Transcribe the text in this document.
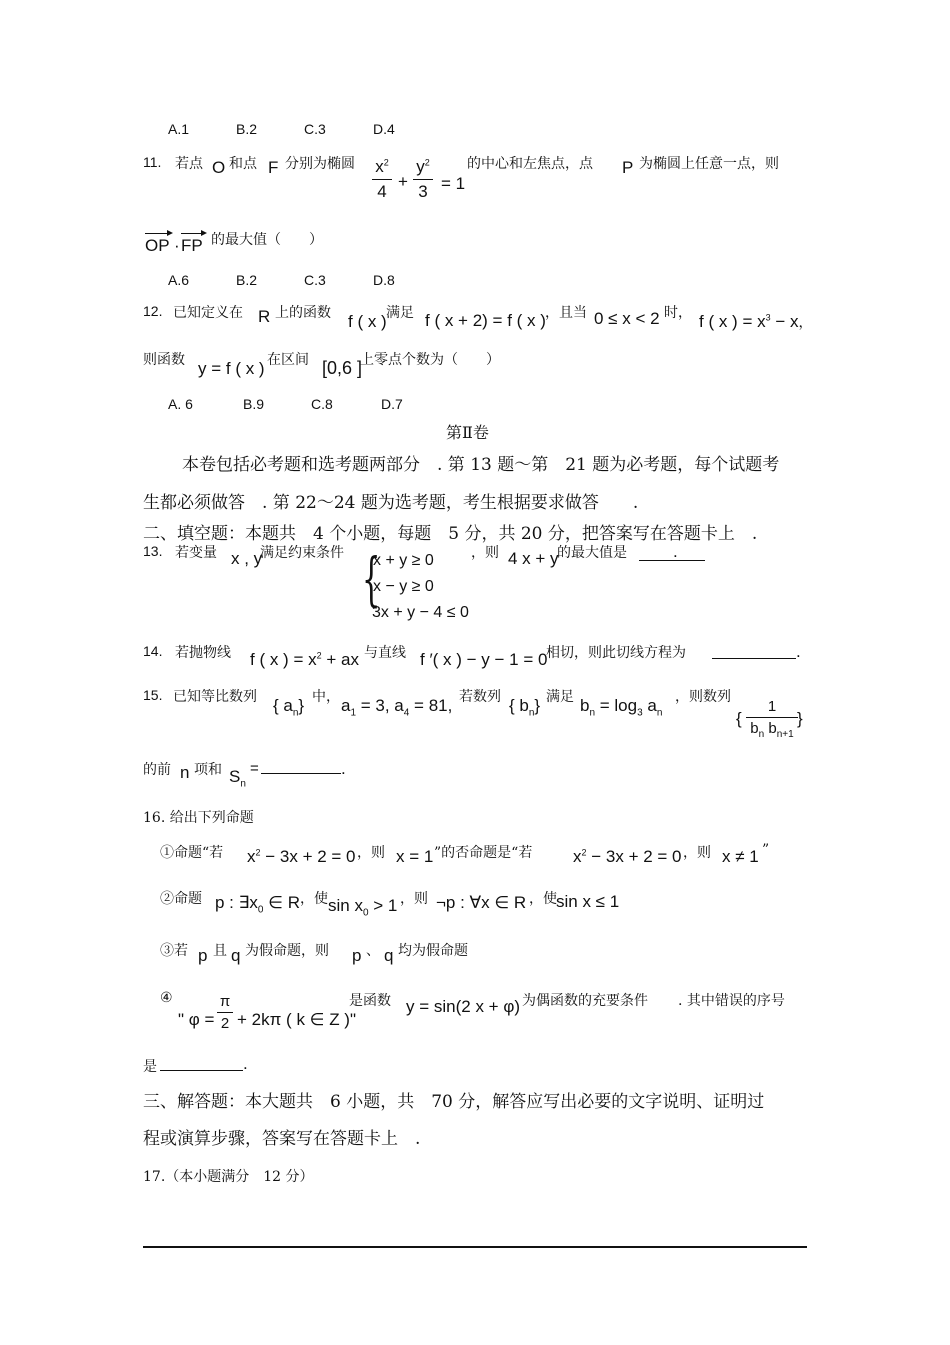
A.1	B.2	C.3	D.4
11. 若点 O 和点 F 分别为椭圆 $x^2$
4
+
$y^2$
3 = 1
的中心和左焦点，点 P 为椭圆上任意一点，则
OP · FP 的最大值（　　）
A.6	B.2	C.3	D.8
12. 已知定义在 R 上的函数 f ( x ) 满足 f ( x + 2) = f ( x ) ，且当 0 ≤ x < 2 时， f ( x ) = $x^3 - x$，
则函数 y = f ( x ) 在区间 [0,6 ]
上零点个数为（　　）
A. 6	B.9	C.8	D.7
第Ⅱ卷
本卷包括必考题和选考题两部分　. 第 13 题～第　21 题为必考题，每个试题考
生都必须做答　. 第 22～24 题为选考题，考生根据要求做答　　.
二、填空题：本题共　4 个小题，每题　5 分，共 20 分，把答案写在答题卡上　.
13. 若变量 x , y
满足约束条件 {
x + y ≥ 0
x − y ≥ 0
3x + y − 4 ≤ 0
，则 4 x + y
的最大值是	.
14. 若抛物线 f ( x ) = $x^2$ + ax 与直线 f ′( x ) − y − 1 = 0
相切，则此切线方程为	.
15. 已知等比数列 { $a_n$} 中， $a_1 = 3$, $a_4 = 81$, 若数列 { $b_n$} 满足 $b_n = \log_3 a_n$
，则数列
{
1
$b_n$ $b_{n+1}$
}
的前 n 项和 $S_n$
=	.
16. 给出下列命题
①命题“若 $x^2 - 3x + 2 = 0$ ，则 x = 1 ”的否命题是“若 $x^2 - 3x + 2 = 0$ ，则 x ≠ 1 ”
②命题 p : $\exists x_0$ ∈ R ，使 $\sin x_0 > 1$ ，则 ¬p : ∀x ∈ R ，使 sin x ≤ 1
③若 p 且 q 为假命题，则 p 、 q 均为假命题
④
" φ =
π
2 + 2kπ ( k ∈ Z )"
是函数 y = sin(2 x + φ) 为偶函数的充要条件 . 其中错误的序号
是	.
三、解答题：本大题共　6 小题，共　70 分，解答应写出必要的文字说明、证明过
程或演算步骤，答案写在答题卡上　.
17.（本小题满分　12 分）
